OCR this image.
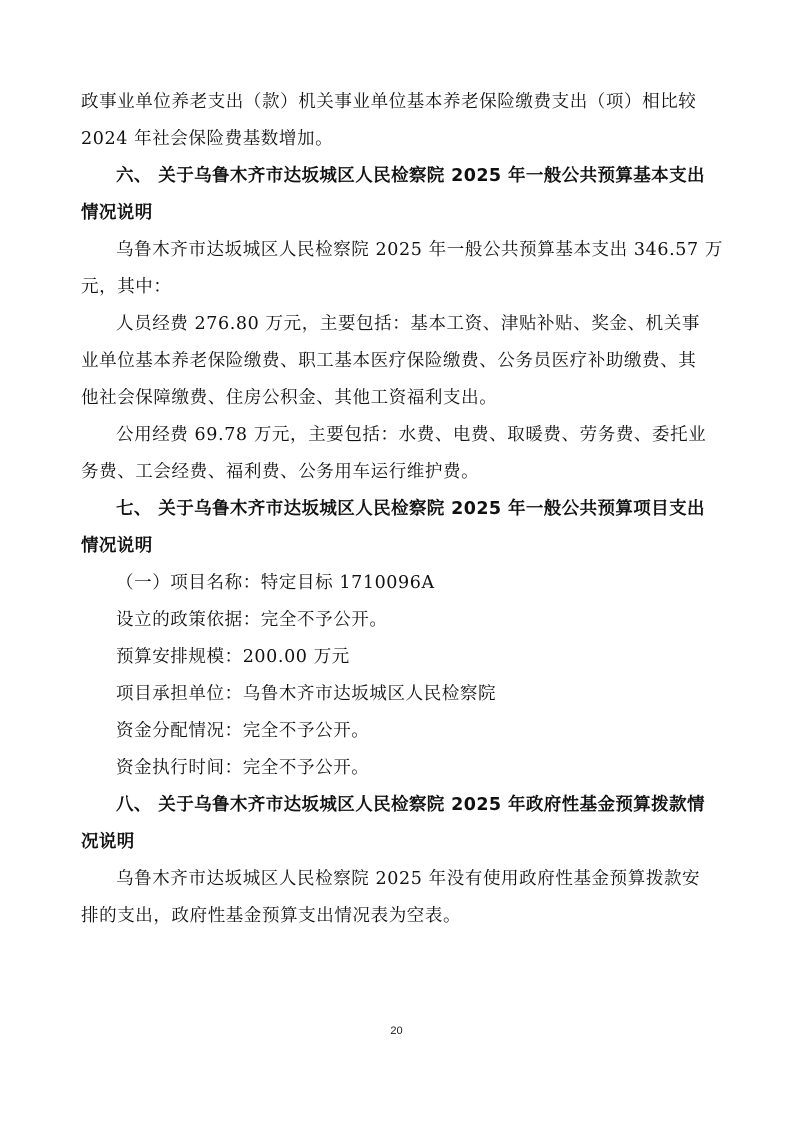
政事业单位养老支出（款）机关事业单位基本养老保险缴费支出（项）相比较
2024 年社会保险费基数增加。
六、 关于乌鲁木齐市达坂城区人民检察院 2025 年一般公共预算基本支出
情况说明
乌鲁木齐市达坂城区人民检察院 2025 年一般公共预算基本支出 346.57 万
元，其中：
人员经费 276.80 万元，主要包括：基本工资、津贴补贴、奖金、机关事
业单位基本养老保险缴费、职工基本医疗保险缴费、公务员医疗补助缴费、其
他社会保障缴费、住房公积金、其他工资福利支出。
公用经费 69.78 万元，主要包括：水费、电费、取暖费、劳务费、委托业
务费、工会经费、福利费、公务用车运行维护费。
七、 关于乌鲁木齐市达坂城区人民检察院 2025 年一般公共预算项目支出
情况说明
（一）项目名称：特定目标 1710096A
设立的政策依据：完全不予公开。
预算安排规模：200.00 万元
项目承担单位：乌鲁木齐市达坂城区人民检察院
资金分配情况：完全不予公开。
资金执行时间：完全不予公开。
八、 关于乌鲁木齐市达坂城区人民检察院 2025 年政府性基金预算拨款情
况说明
乌鲁木齐市达坂城区人民检察院 2025 年没有使用政府性基金预算拨款安
排的支出，政府性基金预算支出情况表为空表。
20
